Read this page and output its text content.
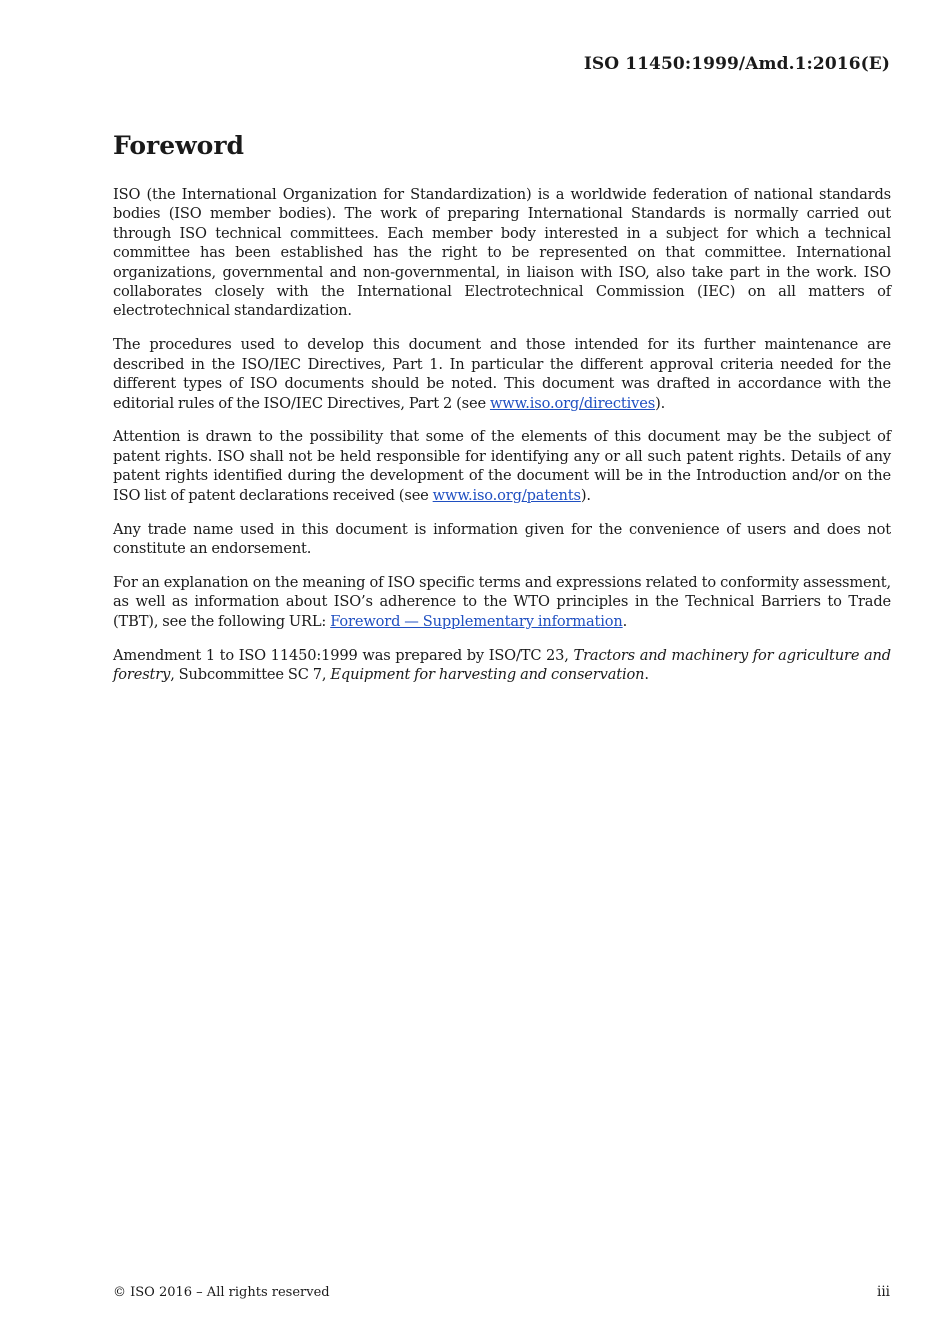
ISO 11450:1999/Amd.1:2016(E)
Foreword

ISO (the International Organization for Standardization) is a worldwide federation of national standards bodies (ISO member bodies). The work of preparing International Standards is normally carried out through ISO technical committees. Each member body interested in a subject for which a technical committee has been established has the right to be represented on that committee. International organizations, governmental and non-governmental, in liaison with ISO, also take part in the work. ISO collaborates closely with the International Electrotechnical Commission (IEC) on all matters of electrotechnical standardization.

The procedures used to develop this document and those intended for its further maintenance are described in the ISO/IEC Directives, Part 1. In particular the different approval criteria needed for the different types of ISO documents should be noted. This document was drafted in accordance with the editorial rules of the ISO/IEC Directives, Part 2 (see www.iso.org/directives).

Attention is drawn to the possibility that some of the elements of this document may be the subject of patent rights. ISO shall not be held responsible for identifying any or all such patent rights. Details of any patent rights identified during the development of the document will be in the Introduction and/or on the ISO list of patent declarations received (see www.iso.org/patents).

Any trade name used in this document is information given for the convenience of users and does not constitute an endorsement.

For an explanation on the meaning of ISO specific terms and expressions related to conformity assessment, as well as information about ISO’s adherence to the WTO principles in the Technical Barriers to Trade (TBT), see the following URL: Foreword — Supplementary information.

Amendment 1 to ISO 11450:1999 was prepared by ISO/TC 23, Tractors and machinery for agriculture and forestry, Subcommittee SC 7, Equipment for harvesting and conservation.

© ISO 2016 – All rights reserved	iii
